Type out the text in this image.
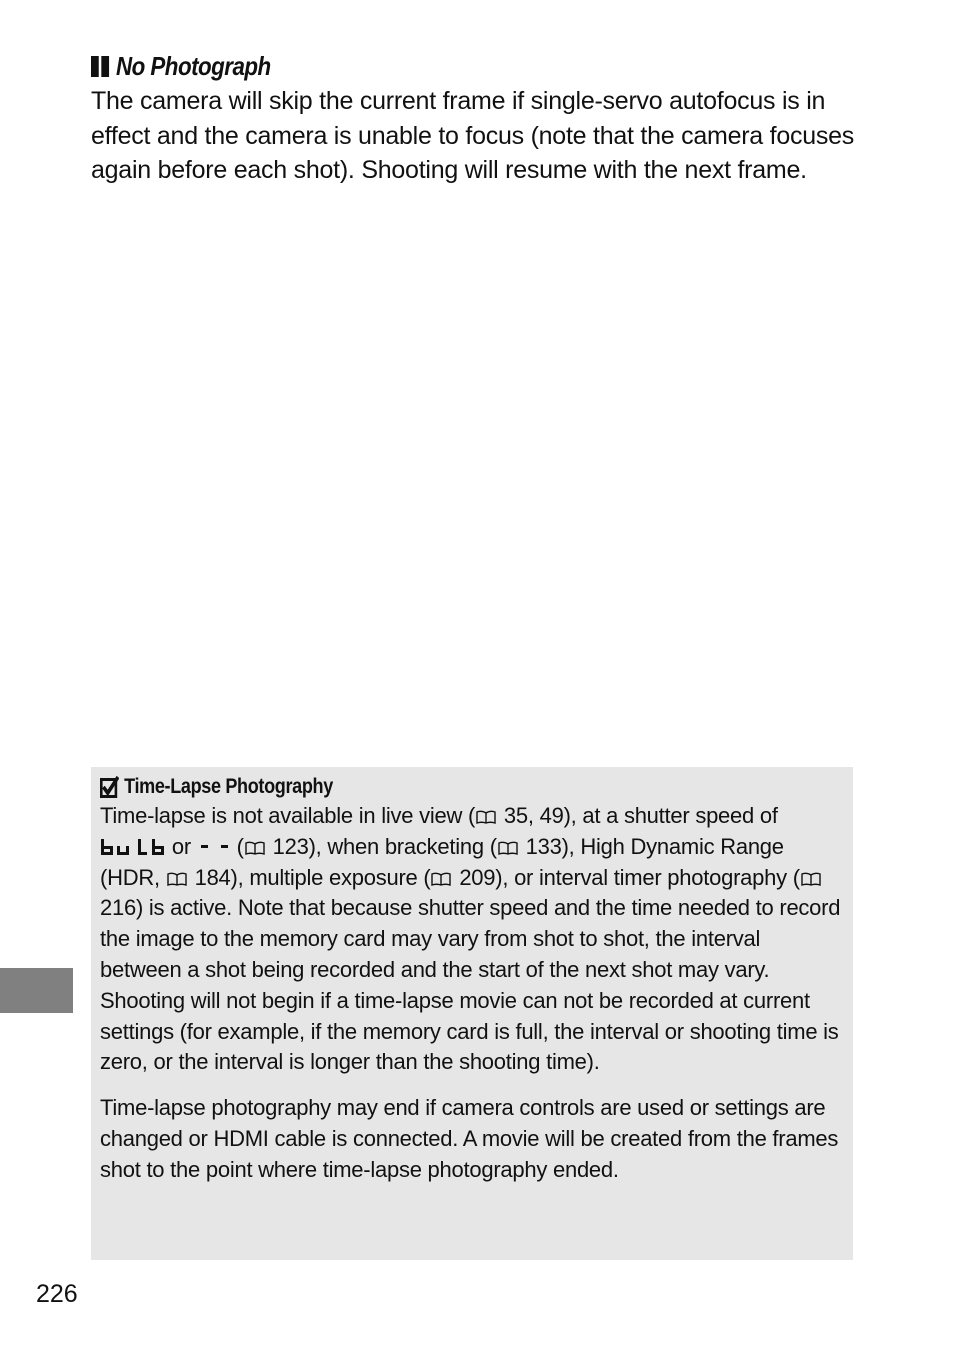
No Photograph

The camera will skip the current frame if single-servo autofocus is in effect and the camera is unable to focus (note that the camera focuses again before each shot). Shooting will resume with the next frame.

Time-Lapse Photography

Time-lapse is not available in live view ( 35, 49), at a shutter speed of  or  ( 123), when bracketing ( 133), High Dynamic Range (HDR,  184), multiple exposure ( 209), or interval timer photography ( 216) is active. Note that because shutter speed and the time needed to record the image to the memory card may vary from shot to shot, the interval between a shot being recorded and the start of the next shot may vary. Shooting will not begin if a time-lapse movie can not be recorded at current settings (for example, if the memory card is full, the interval or shooting time is zero, or the interval is longer than the shooting time).

Time-lapse photography may end if camera controls are used or settings are changed or HDMI cable is connected. A movie will be created from the frames shot to the point where time-lapse photography ended.

226
